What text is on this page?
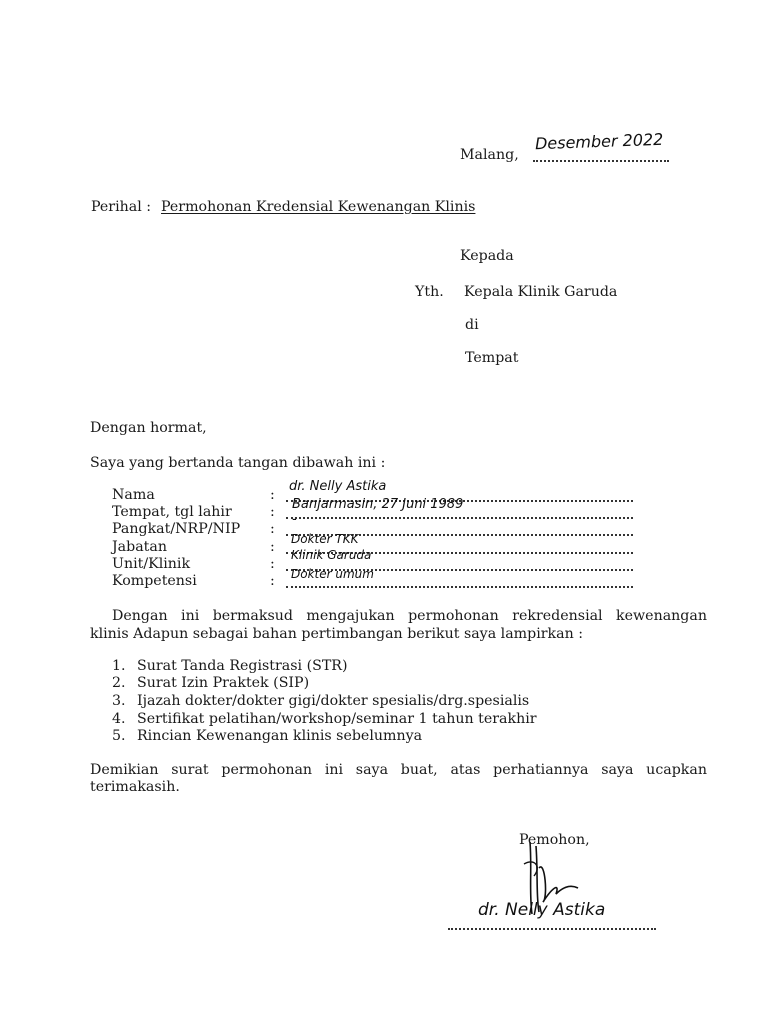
Malang,
Desember 2022
Perihal : Permohonan Kredensial Kewenangan Klinis
Kepada
Yth. Kepala Klinik Garuda
di
Tempat
Dengan hormat,
Saya yang bertanda tangan dibawah ini :
Nama	:
dr. Nelly Astika
Tempat, tgl lahir	: Banjarmasin, 27 Juni 1989
Pangkat/NRP/NIP :
-
Jabatan	: Dokter TKK
Unit/Klinik	:
Klinik Garuda
Kompetensi	: Dokter umum
Dengan ini bermaksud mengajukan permohonan rekredensial kewenangan
klinis Adapun sebagai bahan pertimbangan berikut saya lampirkan :
1. Surat Tanda Registrasi (STR)
2. Surat Izin Praktek (SIP)
3. Ijazah dokter/dokter gigi/dokter spesialis/drg.spesialis
4. Sertifikat pelatihan/workshop/seminar 1 tahun terakhir
5. Rincian Kewenangan klinis sebelumnya
Demikian surat permohonan ini saya buat, atas perhatiannya saya ucapkan
terimakasih.
Pemohon,
dr. Nelly Astika
